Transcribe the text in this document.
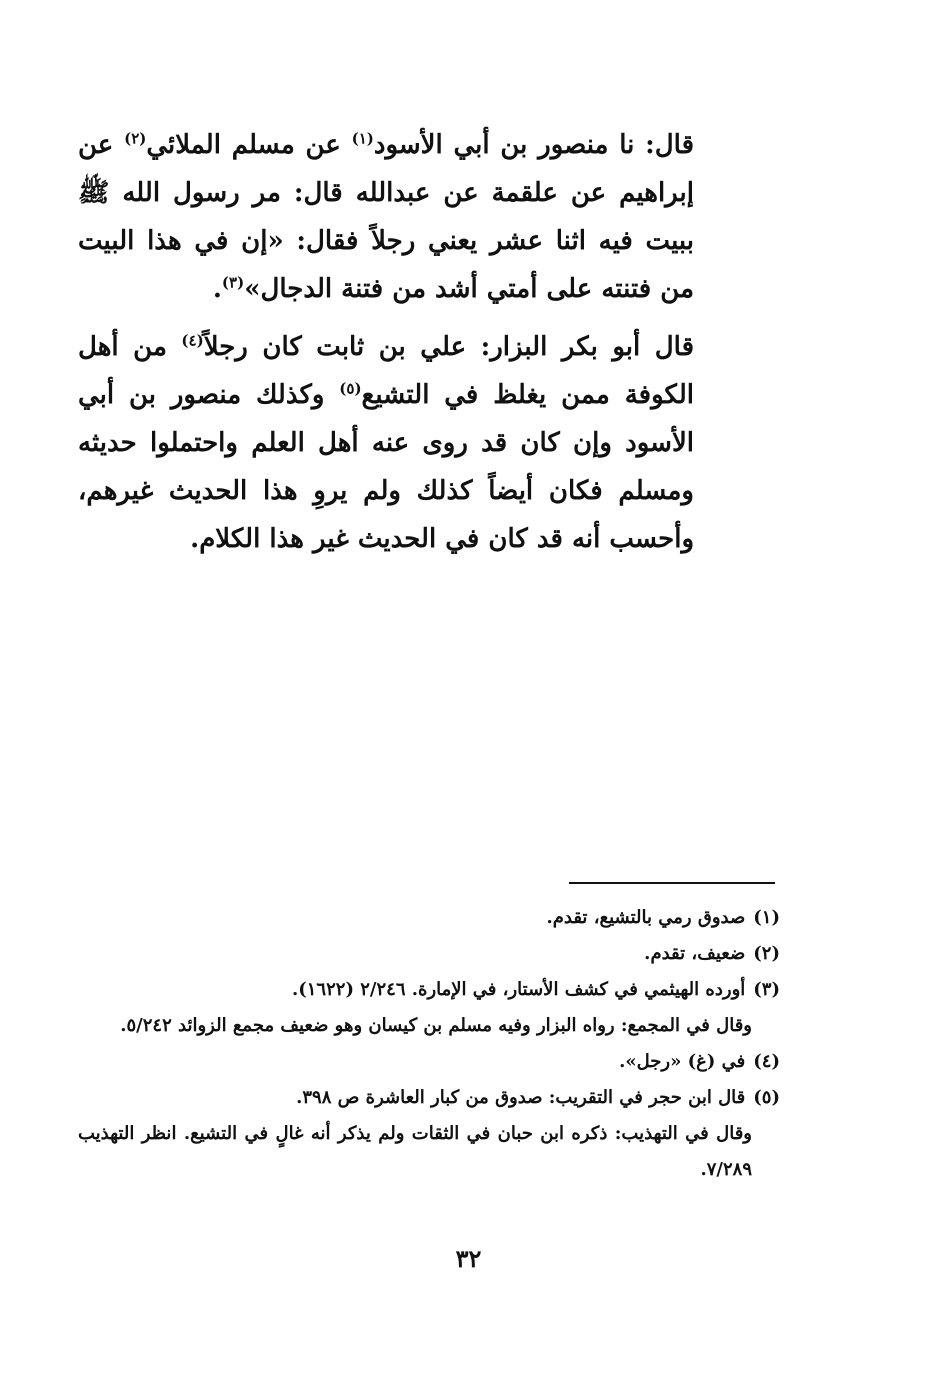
قال: نا منصور بن أبي الأسود$^{(١)}$ عن مسلم الملائي$^{(٢)}$ عن إبراهيم عن علقمة عن عبدالله قال: مر رسول الله ﷺ ببيت فيه اثنا عشر يعني رجلاً فقال: «إن في هذا البيت من فتنته على أمتي أشد من فتنة الدجال»$^{(٣)}$.

قال أبو بكر البزار: علي بن ثابت كان رجلاً$^{(٤)}$ من أهل الكوفة ممن يغلظ في التشيع$^{(٥)}$ وكذلك منصور بن أبي الأسود وإن كان قد روى عنه أهل العلم واحتملوا حديثه ومسلم فكان أيضاً كذلك ولم يروِ هذا الحديث غيرهم، وأحسب أنه قد كان في الحديث غير هذا الكلام.

(١)صدوق رمي بالتشيع، تقدم.
(٢)ضعيف، تقدم.
(٣)أورده الهيثمي في كشف الأستار، في الإمارة. ٢/٢٤٦ (١٦٢٢).
وقال في المجمع: رواه البزار وفيه مسلم بن كيسان وهو ضعيف مجمع الزوائد ٥/٢٤٢.
(٤)في (غ) «رجل».
(٥)قال ابن حجر في التقريب: صدوق من كبار العاشرة ص ٣٩٨.
وقال في التهذيب: ذكره ابن حبان في الثقات ولم يذكر أنه غالٍ في التشيع. انظر التهذيب ٧/٢٨٩.
٣٢
